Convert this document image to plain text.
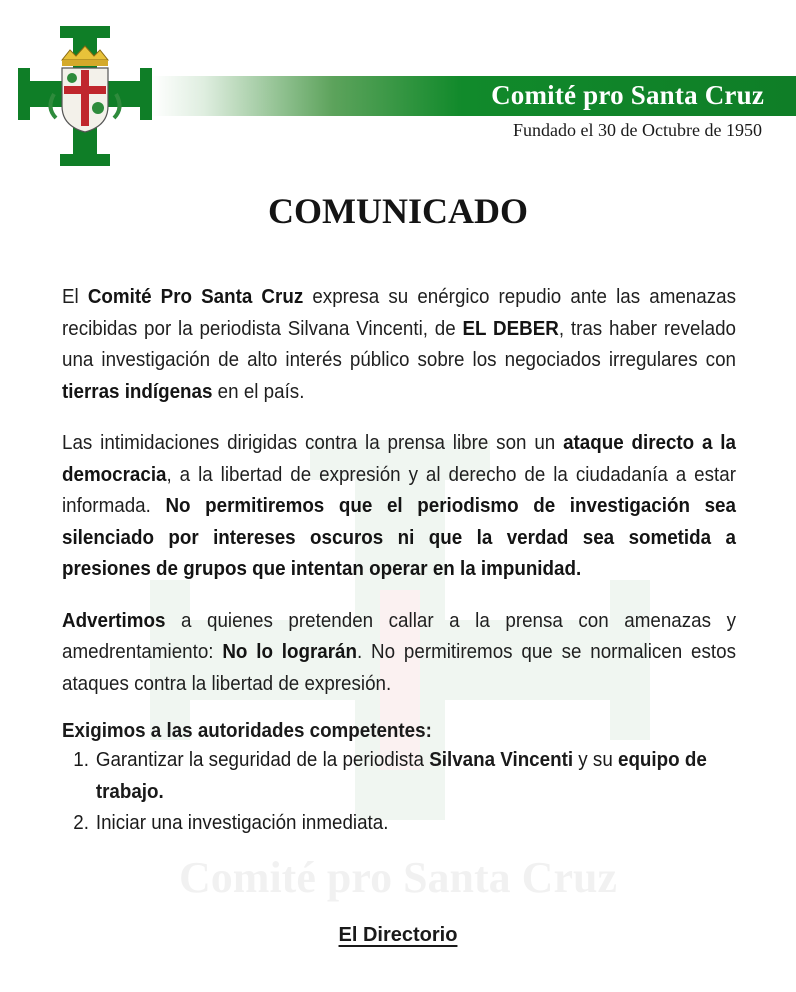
Comité pro Santa Cruz
Fundado el 30 de Octubre de 1950
Comité pro Santa Cruz
COMUNICADO

El Comité Pro Santa Cruz expresa su enérgico repudio ante las amenazas recibidas por la periodista Silvana Vincenti, de EL DEBER, tras haber revelado una investigación de alto interés público sobre los negociados irregulares con tierras indígenas en el país.

Las intimidaciones dirigidas contra la prensa libre son un ataque directo a la democracia, a la libertad de expresión y al derecho de la ciudadanía a estar informada. No permitiremos que el periodismo de investigación sea silenciado por intereses oscuros ni que la verdad sea sometida a presiones de grupos que intentan operar en la impunidad.

Advertimos a quienes pretenden callar a la prensa con amenazas y amedrentamiento: No lo lograrán. No permitiremos que se normalicen estos ataques contra la libertad de expresión.

Exigimos a las autoridades competentes:
1. Garantizar la seguridad de la periodista Silvana Vincenti y su equipo de trabajo.
2. Iniciar una investigación inmediata.
El Directorio
